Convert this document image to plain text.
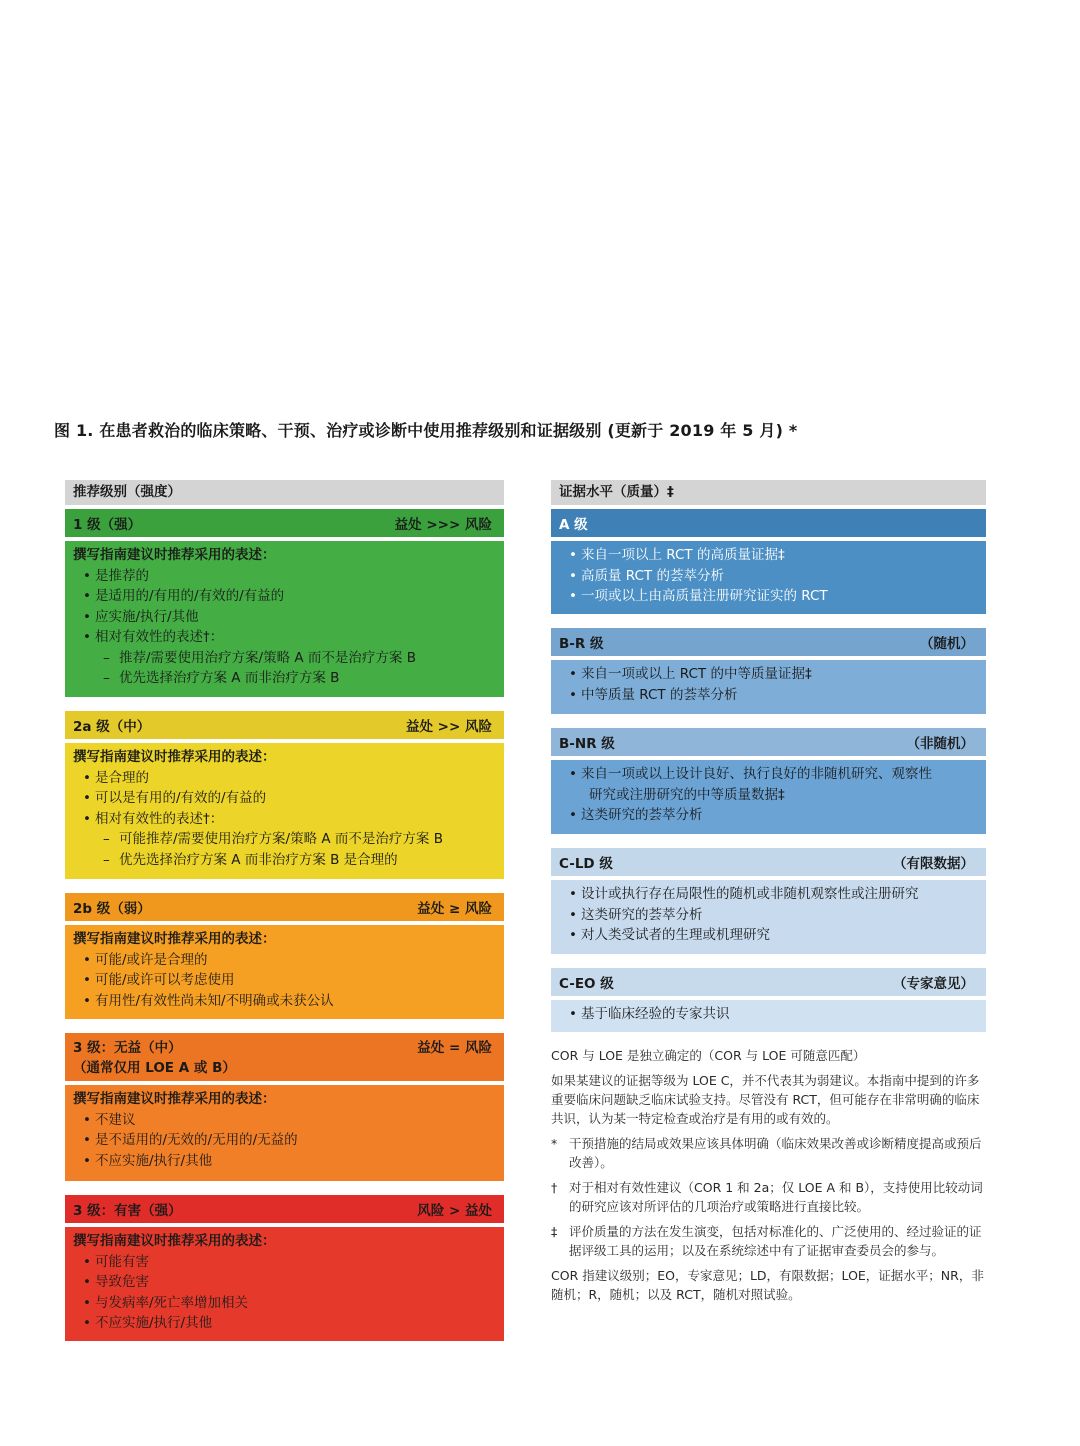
图 1. 在患者救治的临床策略、干预、治疗或诊断中使用推荐级别和证据级别 (更新于 2019 年 5 月) *
推荐级别（强度）
1 级（强）	益处 >>> 风险
撰写指南建议时推荐采用的表述：
• 是推荐的
• 是适用的/有用的/有效的/有益的
• 应实施/执行/其他
• 相对有效性的表述†：
– 推荐/需要使用治疗方案/策略 A 而不是治疗方案 B
– 优先选择治疗方案 A 而非治疗方案 B
2a 级（中）	益处 >> 风险
撰写指南建议时推荐采用的表述：
• 是合理的
• 可以是有用的/有效的/有益的
• 相对有效性的表述†：
– 可能推荐/需要使用治疗方案/策略 A 而不是治疗方案 B
– 优先选择治疗方案 A 而非治疗方案 B 是合理的
2b 级（弱）	益处 ≥ 风险
撰写指南建议时推荐采用的表述：
• 可能/或许是合理的
• 可能/或许可以考虑使用
• 有用性/有效性尚未知/不明确或未获公认
3 级：无益（中）
（通常仅用 LOE A 或 B）
益处 = 风险
撰写指南建议时推荐采用的表述：
• 不建议
• 是不适用的/无效的/无用的/无益的
• 不应实施/执行/其他
3 级：有害（强）	风险 > 益处
撰写指南建议时推荐采用的表述：
• 可能有害
• 导致危害
• 与发病率/死亡率增加相关
• 不应实施/执行/其他
证据水平（质量）‡
A 级
• 来自一项以上 RCT 的高质量证据‡
• 高质量 RCT 的荟萃分析
• 一项或以上由高质量注册研究证实的 RCT
B-R 级	（随机）
• 来自一项或以上 RCT 的中等质量证据‡
• 中等质量 RCT 的荟萃分析
B-NR 级	（非随机）
• 来自一项或以上设计良好、执行良好的非随机研究、观察性
研究或注册研究的中等质量数据‡
• 这类研究的荟萃分析
C-LD 级	（有限数据）
• 设计或执行存在局限性的随机或非随机观察性或注册研究
• 这类研究的荟萃分析
• 对人类受试者的生理或机理研究
C-EO 级	（专家意见）
• 基于临床经验的专家共识

COR 与 LOE 是独立确定的（COR 与 LOE 可随意匹配）

如果某建议的证据等级为 LOE C，并不代表其为弱建议。本指南中提到的许多重要临床问题缺乏临床试验支持。尽管没有 RCT，但可能存在非常明确的临床共识，认为某一特定检查或治疗是有用的或有效的。

* 干预措施的结局或效果应该具体明确（临床效果改善或诊断精度提高或预后改善）。
† 对于相对有效性建议（COR 1 和 2a；仅 LOE A 和 B），支持使用比较动词的研究应该对所评估的几项治疗或策略进行直接比较。
‡ 评价质量的方法在发生演变，包括对标准化的、广泛使用的、经过验证的证据评级工具的运用；以及在系统综述中有了证据审查委员会的参与。

COR 指建议级别；EO，专家意见；LD，有限数据；LOE，证据水平；NR，非随机；R，随机；以及 RCT，随机对照试验。
